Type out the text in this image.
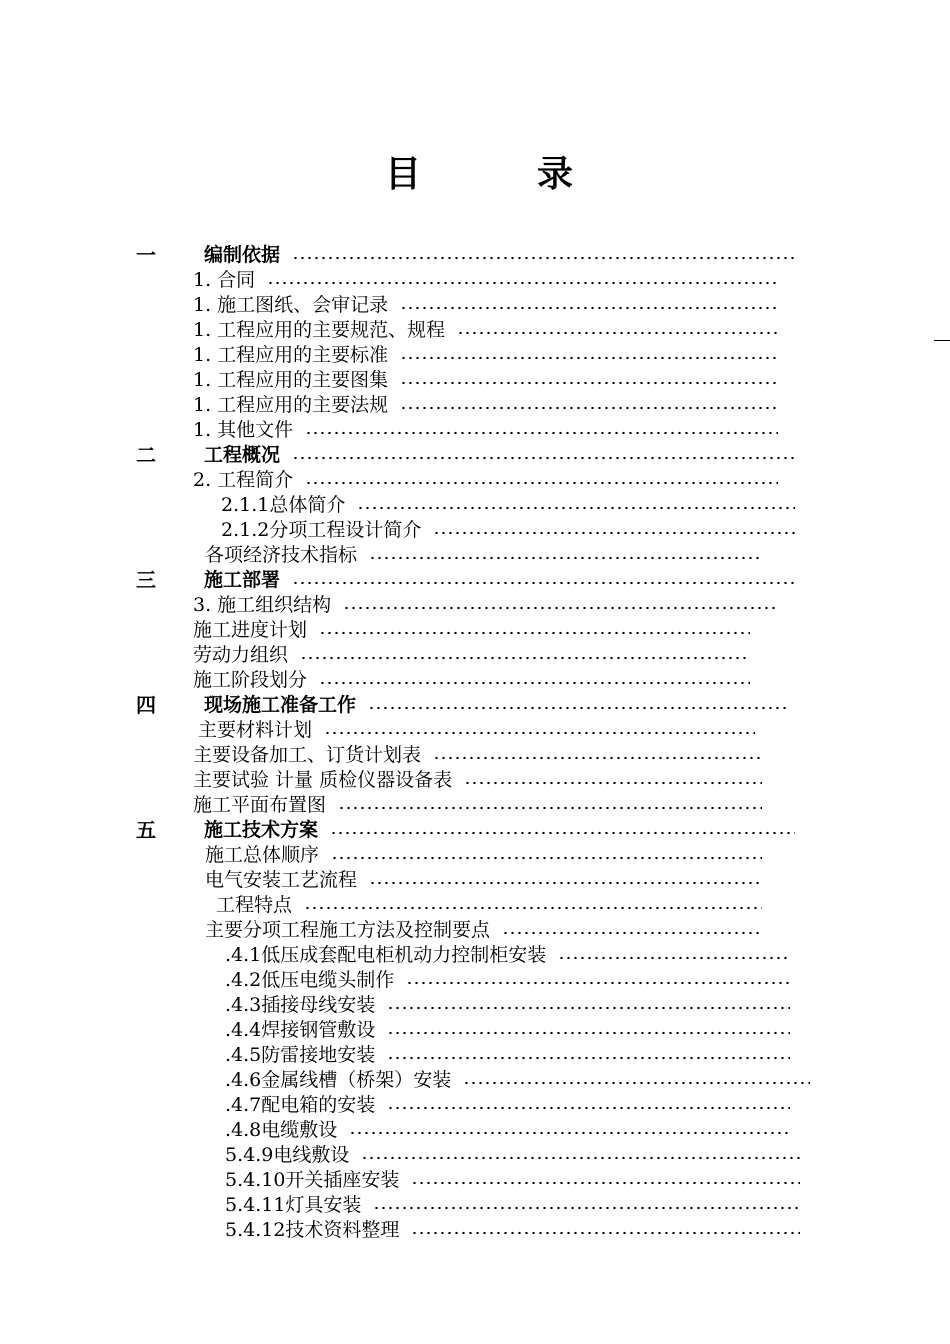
目	录
一	编制依据
1. 合同
1. 施工图纸、会审记录
1. 工程应用的主要规范、规程
1. 工程应用的主要标准
1. 工程应用的主要图集
1. 工程应用的主要法规
1. 其他文件
二	工程概况
2. 工程简介
2.1.1总体简介
2.1.2分项工程设计简介
各项经济技术指标
三	施工部署
3. 施工组织结构
施工进度计划
劳动力组织
施工阶段划分
四	现场施工准备工作
主要材料计划
主要设备加工、订货计划表
主要试验 计量 质检仪器设备表
施工平面布置图
五	施工技术方案
施工总体顺序
电气安装工艺流程
工程特点
主要分项工程施工方法及控制要点
.4.1低压成套配电柜机动力控制柜安装
.4.2低压电缆头制作
.4.3插接母线安装
.4.4焊接钢管敷设
.4.5防雷接地安装
.4.6金属线槽（桥架）安装
.4.7配电箱的安装
.4.8电缆敷设
5.4.9电线敷设
5.4.10开关插座安装
5.4.11灯具安装
5.4.12技术资料整理
